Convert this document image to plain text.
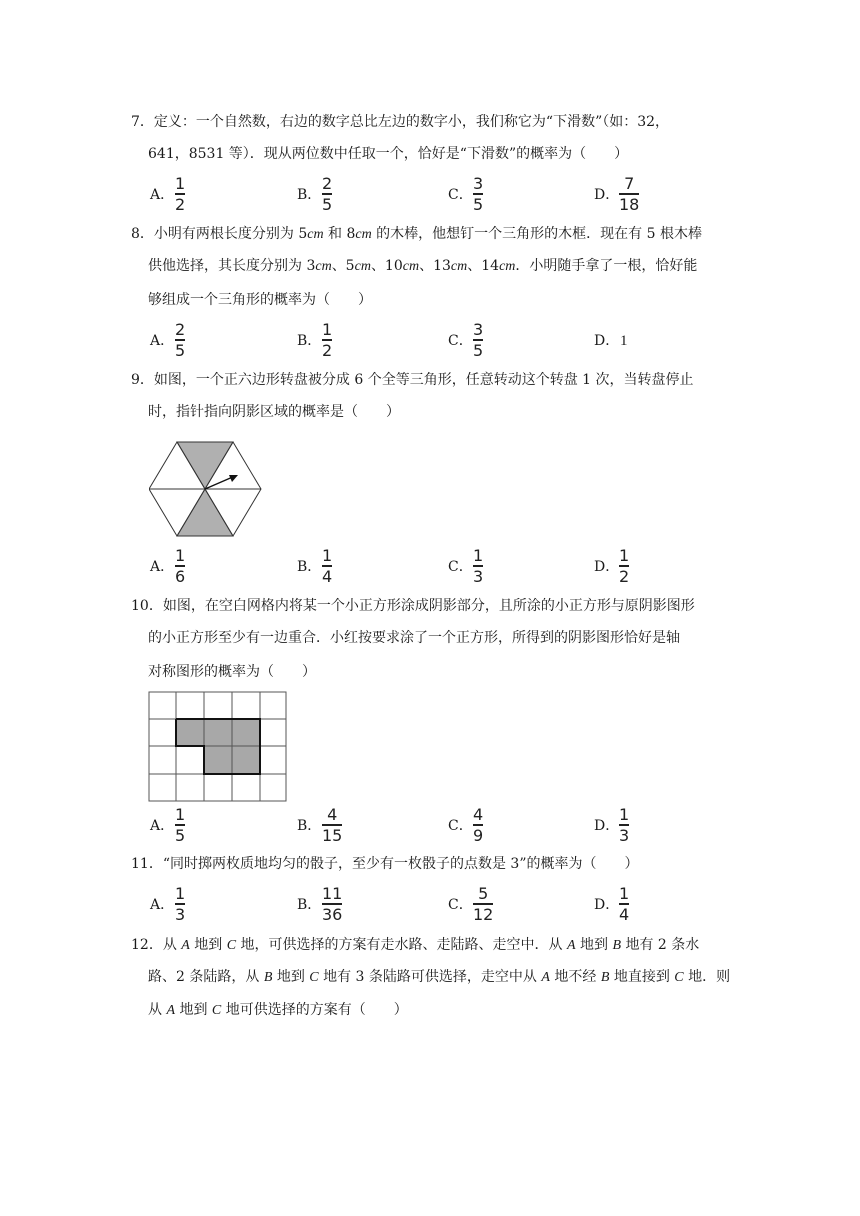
7．定义：一个自然数，右边的数字总比左边的数字小，我们称它为“下滑数”（如：32，
641，8531 等）．现从两位数中任取一个，恰好是“下滑数”的概率为（　　）
A．
1
2	B．
2
5	C．
3
5	D．
7
18
8．小明有两根长度分别为 5cm 和 8cm 的木棒，他想钉一个三角形的木框．现在有 5 根木棒
供他选择，其长度分别为 3cm、5cm、10cm、13cm、14cm．小明随手拿了一根，恰好能
够组成一个三角形的概率为（　　）
A．
2
5	B．
1
2	C．
3
5	D． 1
9．如图，一个正六边形转盘被分成 6 个全等三角形，任意转动这个转盘 1 次，当转盘停止
时，指针指向阴影区域的概率是（　　）
A．
1
6	B．
1
4	C．
1
3	D．
1
2
10．如图，在空白网格内将某一个小正方形涂成阴影部分，且所涂的小正方形与原阴影图形
的小正方形至少有一边重合．小红按要求涂了一个正方形，所得到的阴影图形恰好是轴
对称图形的概率为（　　）
A．
1
5	B．
4
15	C．
4
9	D．
1
3
11．“同时掷两枚质地均匀的骰子，至少有一枚骰子的点数是 3”的概率为（　　）
A．
1
3	B．
11
36	C．
5
12	D．
1
4
12．从 A 地到 C 地，可供选择的方案有走水路、走陆路、走空中．从 A 地到 B 地有 2 条水
路、2 条陆路，从 B 地到 C 地有 3 条陆路可供选择，走空中从 A 地不经 B 地直接到 C 地．则
从 A 地到 C 地可供选择的方案有（　　）
